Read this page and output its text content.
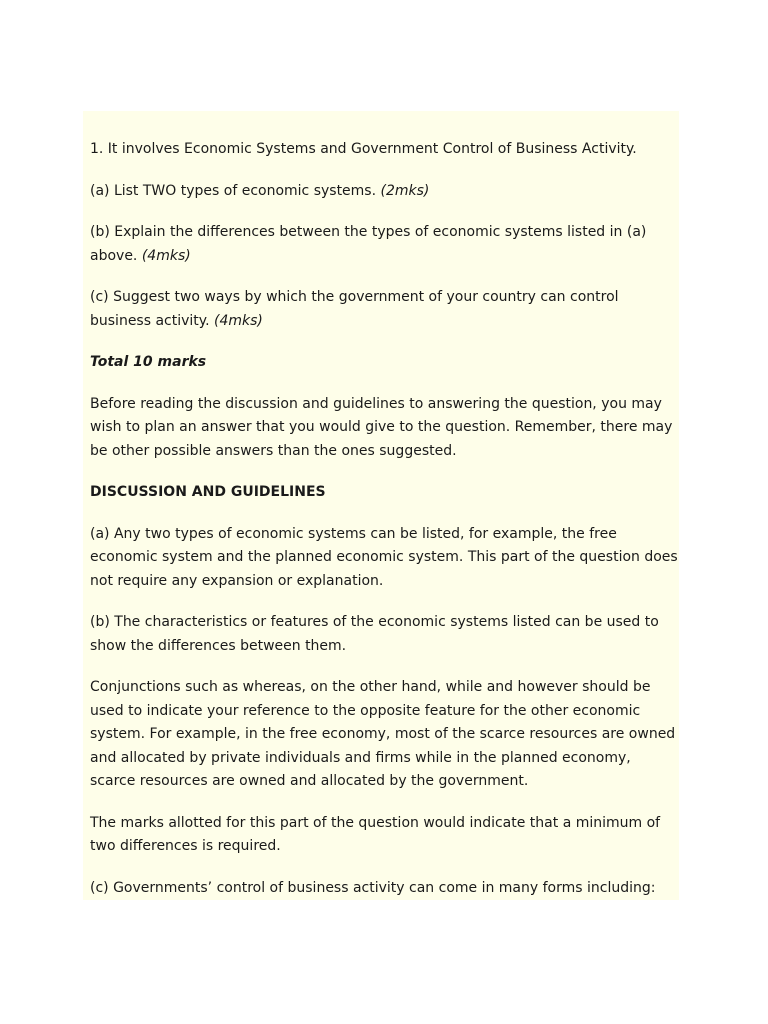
1. It involves Economic Systems and Government Control of Business Activity.

(a) List TWO types of economic systems. (2mks)

(b) Explain the differences between the types of economic systems listed in (a) above. (4mks)

(c) Suggest two ways by which the government of your country can control business activity. (4mks)

Total 10 marks

Before reading the discussion and guidelines to answering the question, you may wish to plan an answer that you would give to the question. Remember, there may be other possible answers than the ones suggested.

DISCUSSION AND GUIDELINES

(a) Any two types of economic systems can be listed, for example, the free economic system and the planned economic system. This part of the question does not require any expansion or explanation.

(b) The characteristics or features of the economic systems listed can be used to show the differences between them.

Conjunctions such as whereas, on the other hand, while and however should be used to indicate your reference to the opposite feature for the other economic system. For example, in the free economy, most of the scarce resources are owned and allocated by private individuals and firms while in the planned economy, scarce resources are owned and allocated by the government.

The marks allotted for this part of the question would indicate that a minimum of two differences is required.

(c) Governments’ control of business activity can come in many forms including:
